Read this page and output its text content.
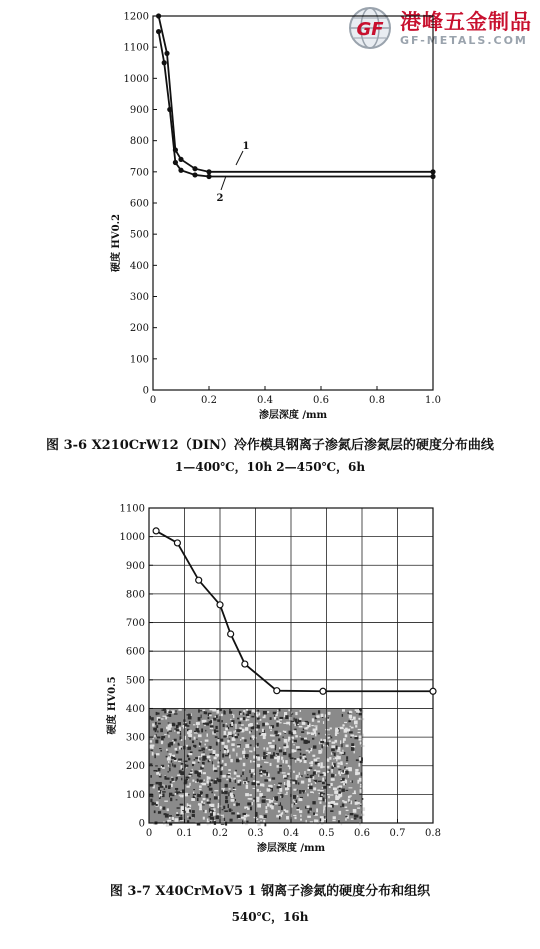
GF 港峰五金制品
GF-METALS.COM
0
100
200
300
400
500
600
700
800
900
1000
1100
1200
0	0.2	0.4	0.6	0.8	1.0
渗层深度 /mm
硬度 HV0.2
1
2
图 3-6 X210CrW12（DIN）冷作模具钢离子渗氮后渗氮层的硬度分布曲线
1—400℃，10h 2—450℃，6h
0
100
200
300
400
500
600
700
800
900
1000
1100
0 0.1 0.2 0.3 0.4 0.5 0.6 0.7 0.8
渗层深度 /mm
硬度 HV0.5
图 3-7 X40CrMoV5 1 钢离子渗氮的硬度分布和组织
540℃，16h
